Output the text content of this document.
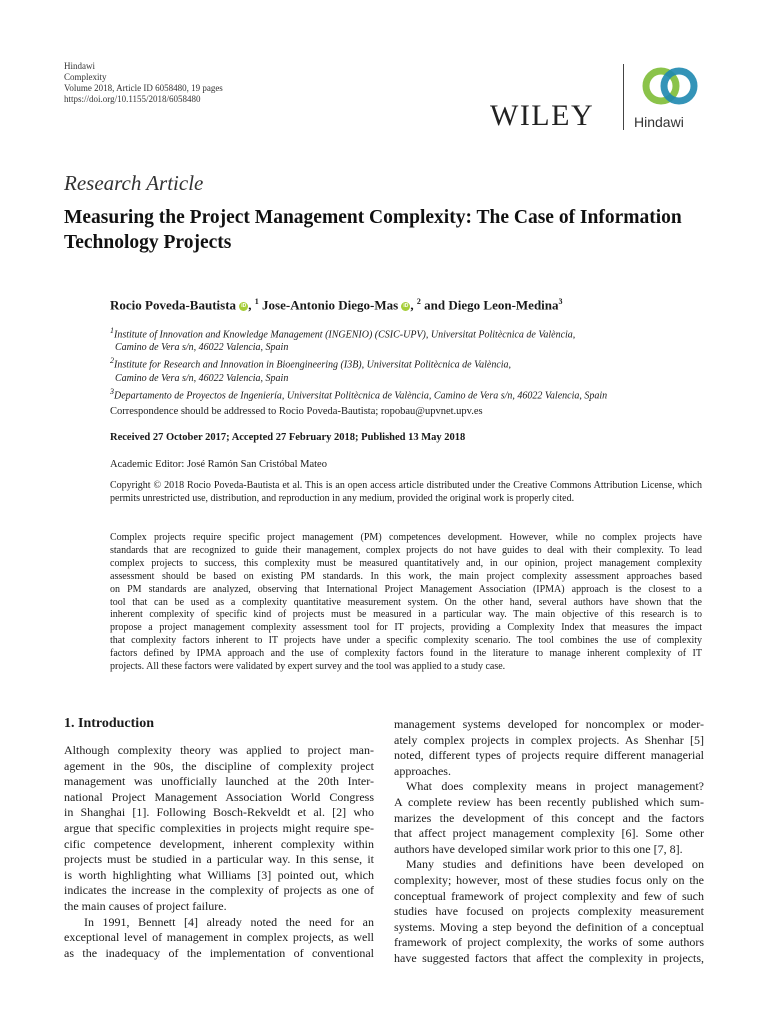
Hindawi
Complexity
Volume 2018, Article ID 6058480, 19 pages
https://doi.org/10.1155/2018/6058480	WILEY	Hindawi
Research Article
Measuring the Project Management Complexity: The Case of Information Technology Projects
Rocio Poveda-Bautista iD , $^1$ Jose-Antonio Diego-Mas iD , $^2$ and Diego Leon-Medina$^3$
$^1$Institute of Innovation and Knowledge Management (INGENIO) (CSIC-UPV), Universitat Politècnica de València,
Camino de Vera s/n, 46022 Valencia, Spain
$^2$Institute for Research and Innovation in Bioengineering (I3B), Universitat Politècnica de València,
Camino de Vera s/n, 46022 Valencia, Spain
$^3$Departamento de Proyectos de Ingeniería, Universitat Politècnica de València, Camino de Vera s/n, 46022 Valencia, Spain
Correspondence should be addressed to Rocio Poveda-Bautista; ropobau@upvnet.upv.es
Received 27 October 2017; Accepted 27 February 2018; Published 13 May 2018
Academic Editor: José Ramón San Cristóbal Mateo
Copyright © 2018 Rocio Poveda-Bautista et al. This is an open access article distributed under the Creative Commons Attribution License, which permits unrestricted use, distribution, and reproduction in any medium, provided the original work is properly cited.
Complex projects require specific project management (PM) competences development. However, while no complex projects have
standards that are recognized to guide their management, complex projects do not have guides to deal with their complexity. To lead
complex projects to success, this complexity must be measured quantitatively and, in our opinion, project management complexity
assessment should be based on existing PM standards. In this work, the main project complexity assessment approaches based
on PM standards are analyzed, observing that International Project Management Association (IPMA) approach is the closest to a
tool that can be used as a complexity quantitative measurement system. On the other hand, several authors have shown that the
inherent complexity of specific kind of projects must be measured in a particular way. The main objective of this research is to
propose a project management complexity assessment tool for IT projects, providing a Complexity Index that measures the impact
that complexity factors inherent to IT projects have under a specific complexity scenario. The tool combines the use of complexity
factors defined by IPMA approach and the use of complexity factors found in the literature to manage inherent complexity of IT
projects. All these factors were validated by expert survey and the tool was applied to a study case.
1. Introduction
Although complexity theory was applied to project man-
agement in the 90s, the discipline of complexity project
management was unofficially launched at the 20th Inter-
national Project Management Association World Congress
in Shanghai [1]. Following Bosch-Rekveldt et al. [2] who
argue that specific complexities in projects might require spe-
cific competence development, inherent complexity within
projects must be studied in a particular way. In this sense, it
is worth highlighting what Williams [3] pointed out, which
indicates the increase in the complexity of projects as one of
the main causes of project failure.
In 1991, Bennett [4] already noted the need for an
exceptional level of management in complex projects, as well
as the inadequacy of the implementation of conventional
management systems developed for noncomplex or moder-
ately complex projects in complex projects. As Shenhar [5]
noted, different types of projects require different managerial
approaches.
What does complexity means in project management?
A complete review has been recently published which sum-
marizes the development of this concept and the factors
that affect project management complexity [6]. Some other
authors have developed similar work prior to this one [7, 8].
Many studies and definitions have been developed on
complexity; however, most of these studies focus only on the
conceptual framework of project complexity and few of such
studies have focused on projects complexity measurement
systems. Moving a step beyond the definition of a conceptual
framework of project complexity, the works of some authors
have suggested factors that affect the complexity in projects,
